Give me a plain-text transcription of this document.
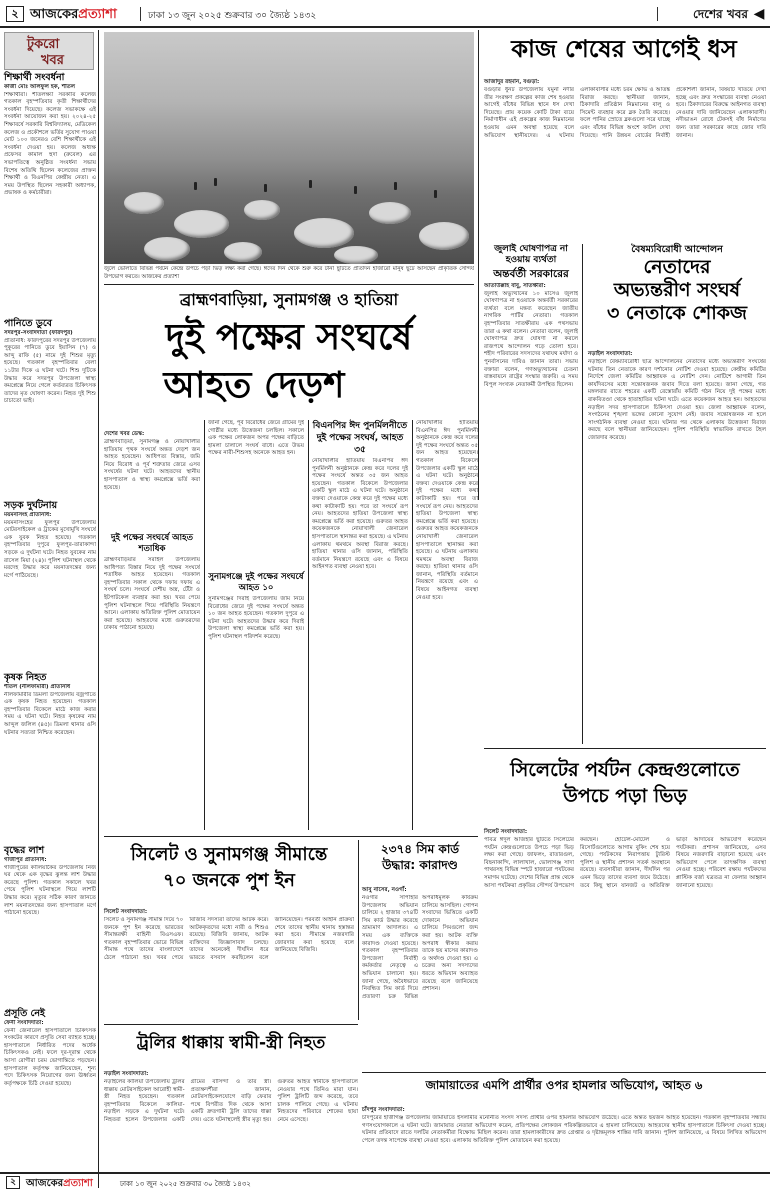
২ আজকেরপ্রত্যাশা	ঢাকা ১৩ জুন ২০২৫ শুক্রবার ৩০ জ্যৈষ্ঠ ১৪৩২	দেশের খবর ◀
টুকরো
খবর
শিক্ষার্থী সংবর্ধনা
কাজী মোঃ অলিফুল হক, শীতল
শিক্ষার্থীরা। শীতলক্ষ্যা সরকারি কলেজ গতকাল বৃহস্পতিবার কৃতী শিক্ষার্থীদের সংবর্ধনা দিয়েছে। কলেজ সভাকক্ষে এই সংবর্ধনা আয়োজন করা হয়। ২০২৪-২৫ শিক্ষাবর্ষে সরকারি বিশ্ববিদ্যালয়, মেডিকেল কলেজ ও প্রকৌশলে ভর্তির সুযোগ পাওয়া মোট ১০০ জনেরও বেশি শিক্ষার্থীকে এই সংবর্ধনা দেওয়া হয়। কলেজ অধ্যক্ষ প্রফেসর কামাল হুদা (রুবেল) এর সভাপতিত্বে অনুষ্ঠিত সংবর্ধনা সভায় বিশেষ অতিথি ছিলেন কলেজের প্রাক্তন শিক্ষার্থী ও বিএনপির কেন্দ্রীয় নেতা। এ সময় উপস্থিত ছিলেন সহকারী অধ্যাপক, প্রভাষক ও কর্মচারীরা।
পানিতে ডুবে
সদরপুর-সংবাদদাতা (ফরিদপুর)
প্রতিনিধি: ফরিদপুরের সদরপুর উপজেলায় পুকুরের পানিতে ডুবে ইয়াসিন (৭) ও আব্দু রাফি (৫) নামে দুই শিশুর মৃত্যু হয়েছে। গতকাল বৃহস্পতিবার বেলা ১১টার দিকে এ ঘটনা ঘটে। শিশু দুটিকে উদ্ধার করে সদরপুর উপজেলা স্বাস্থ্য কমপ্লেক্সে নিয়ে গেলে কর্তব্যরত চিকিৎসক তাদের মৃত ঘোষণা করেন। নিহত দুই শিশু চাচাতো ভাই।
সড়ক দুর্ঘটনায়
ময়মনসিংহ প্রতিনিধি:
ময়মনসিংহের ফুলপুর উপজেলায় মোটরসাইকেল ও ট্রাকের মুখোমুখি সংঘর্ষে এক যুবক নিহত হয়েছে। গতকাল বৃহস্পতিবার দুপুরে ফুলপুর-তারাকান্দা সড়কে এ দুর্ঘটনা ঘটে। নিহত যুবকের নাম রাসেল মিয়া (২৪)। পুলিশ ঘটনাস্থল থেকে মরদেহ উদ্ধার করে ময়নাতদন্তের জন্য মর্গে পাঠিয়েছে।
কৃষক নিহত
শীতল (নীলফামারী) প্রতিনিধি
নীলফামারীর ডিমলা উপজেলায় বজ্রপাতে এক কৃষক নিহত হয়েছেন। গতকাল বৃহস্পতিবার বিকেলে মাঠে কাজ করার সময় এ ঘটনা ঘটে। নিহত কৃষকের নাম আব্দুল জলিল (৪৫)। ডিমলা থানার ওসি ঘটনার সত্যতা নিশ্চিত করেছেন।
বৃদ্ধের লাশ
গাজীপুর প্রতিনিধি:
গাজীপুরের কালিয়াকৈর উপজেলায় নিজ ঘর থেকে এক বৃদ্ধের ঝুলন্ত লাশ উদ্ধার করেছে পুলিশ। গতকাল সকালে খবর পেয়ে পুলিশ ঘটনাস্থলে গিয়ে লাশটি উদ্ধার করে। মৃত্যুর সঠিক কারণ জানতে লাশ ময়নাতদন্তের জন্য হাসপাতাল মর্গে পাঠানো হয়েছে।
প্রসূতি নেই
ফেনী সংবাদদাতা:
ফেনী জেনারেল হাসপাতালে চিকিৎসক সংকটের কারণে প্রসূতি সেবা ব্যাহত হচ্ছে। হাসপাতালে নির্ধারিত পদের অর্ধেক চিকিৎসকও নেই। ফলে দূর-দূরান্ত থেকে আসা রোগীরা চরম ভোগান্তিতে পড়ছেন। হাসপাতাল কর্তৃপক্ষ জানিয়েছেন, শূন্য পদে চিকিৎসক নিয়োগের জন্য ঊর্ধ্বতন কর্তৃপক্ষকে চিঠি দেওয়া হয়েছে।
জুলে ভোলাতে বিভিন্ন পর্যটন কেন্দ্রে উপচে পড়া ভিড় লক্ষ্য করা গেছে। ঈদের দিন থেকে শুরু করে টানা ছুটিতে প্রতিদিন হাজারো মানুষ ছুটে আসছেন প্রাকৃতিক সৌন্দর্য উপভোগ করতে। আজকের প্রত্যাশা
কাজ শেষের আগেই ধস
আজাদুর রহমান, বগুড়া:
বগুড়ার ধুনট উপজেলায় যমুনা নদীর তীর সংরক্ষণ প্রকল্পের কাজ শেষ হওয়ার আগেই বাঁধের বিভিন্ন স্থানে ধস দেখা দিয়েছে। প্রায় কয়েক কোটি টাকা ব্যয়ে নির্মাণাধীন এই প্রকল্পের কাজ নিম্নমানের হওয়ায় এমন অবস্থা হয়েছে বলে অভিযোগ স্থানীয়দের। এ ঘটনায় এলাকাবাসীর মধ্যে চরম ক্ষোভ ও আতঙ্ক বিরাজ করছে। স্থানীয়রা জানান, ঠিকাদারি প্রতিষ্ঠান নিম্নমানের বালু ও সিমেন্ট ব্যবহার করে ব্লক তৈরি করেছে। ফলে পানির স্রোতে ব্লকগুলো সরে যাচ্ছে এবং বাঁধের বিভিন্ন অংশে ফাটল দেখা দিয়েছে। পানি উন্নয়ন বোর্ডের নির্বাহী প্রকৌশলী জানান, বিষয়টি খতিয়ে দেখা হচ্ছে এবং দ্রুত সংস্কারের ব্যবস্থা নেওয়া হবে। ঠিকাদারের বিরুদ্ধে আইনগত ব্যবস্থা নেওয়ার দাবি জানিয়েছেন এলাকাবাসী। নদীভাঙন রোধে টেকসই বাঁধ নির্মাণের জন্য তারা সরকারের কাছে জোর দাবি জানান।
জুলাই ঘোষণাপত্র না হওয়ায় ব্যর্থতা
অন্তর্বর্তী সরকারের
আতাউল্লাহ বাবু, সাতক্ষীরা:
জুলাই অভ্যুত্থানের ১০ মাসেও জুলাই ঘোষণাপত্র না হওয়াকে অন্তর্বর্তী সরকারের ব্যর্থতা বলে মন্তব্য করেছেন জাতীয় নাগরিক পার্টির নেতারা। গতকাল বৃহস্পতিবার সাতক্ষীরায় এক পথসভায় তারা এ কথা বলেন। নেতারা বলেন, জুলাই ঘোষণাপত্র দ্রুত ঘোষণা না করলে রাজপথে আন্দোলন গড়ে তোলা হবে। শহীদ পরিবারের সদস্যদের যথাযথ মর্যাদা ও পুনর্বাসনের দাবিও জানান তারা। সভায় বক্তারা বলেন, গণঅভ্যুত্থানের চেতনা বাস্তবায়নে রাষ্ট্রের সংস্কার জরুরি। এ সময় বিপুল সংখ্যক নেতাকর্মী উপস্থিত ছিলেন।
বৈষম্যবিরোধী আন্দোলন
নেতাদের
অভ্যন্তরীণ সংঘর্ষ
৩ নেতাকে শোকজ
নড়াইল সংবাদদাতা:
নড়াইলে বৈষম্যবিরোধী ছাত্র আন্দোলনের নেতাদের মধ্যে অভ্যন্তরীণ সংঘর্ষের ঘটনায় তিন নেতাকে কারণ দর্শানোর নোটিশ দেওয়া হয়েছে। কেন্দ্রীয় কমিটির নির্দেশে জেলা কমিটির আহ্বায়ক এ নোটিশ দেন। নোটিশে আগামী তিন কার্যদিবসের মধ্যে সন্তোষজনক জবাব দিতে বলা হয়েছে। জানা গেছে, গত মঙ্গলবার রাতে শহরের একটি রেস্তোরাঁয় কমিটি গঠন নিয়ে দুই পক্ষের মধ্যে বাকবিতণ্ডা থেকে হাতাহাতির ঘটনা ঘটে। এতে কয়েকজন আহত হন। আহতদের নড়াইল সদর হাসপাতালে চিকিৎসা দেওয়া হয়। জেলা আহ্বায়ক বলেন, সংগঠনের শৃঙ্খলা ভঙ্গের কোনো সুযোগ নেই। জবাব সন্তোষজনক না হলে সাংগঠনিক ব্যবস্থা নেওয়া হবে। ঘটনার পর থেকে এলাকায় উত্তেজনা বিরাজ করছে বলে স্থানীয়রা জানিয়েছেন। পুলিশ পরিস্থিতি স্বাভাবিক রাখতে টহল জোরদার করেছে।
ব্রাহ্মণবাড়িয়া, সুনামগঞ্জ ও হাতিয়া
দুই পক্ষের সংঘর্ষে
আহত দেড়শ
দেশের খবর ডেস্ক:
ব্রাহ্মণবাড়িয়া, সুনামগঞ্জ ও নোয়াখালীর হাতিয়ায় পৃথক সংঘর্ষে অন্তত দেড়শ জন আহত হয়েছেন। আধিপত্য বিস্তার, জমি নিয়ে বিরোধ ও পূর্ব শত্রুতার জেরে এসব সংঘর্ষের ঘটনা ঘটে। আহতদের স্থানীয় হাসপাতাল ও স্বাস্থ্য কমপ্লেক্সে ভর্তি করা হয়েছে।
দুই পক্ষের সংঘর্ষে আহত শতাধিক
ব্রাহ্মণবাড়িয়ার সরাইল উপজেলায় আধিপত্য বিস্তার নিয়ে দুই পক্ষের সংঘর্ষে শতাধিক আহত হয়েছেন। গতকাল বৃহস্পতিবার সকাল থেকে দফায় দফায় এ সংঘর্ষ চলে। সংঘর্ষে দেশীয় অস্ত্র, টেঁটা ও ইটপাটকেল ব্যবহার করা হয়। খবর পেয়ে পুলিশ ঘটনাস্থলে গিয়ে পরিস্থিতি নিয়ন্ত্রণে আনে। এলাকায় অতিরিক্ত পুলিশ মোতায়েন করা হয়েছে। আহতদের মধ্যে গুরুতরদের ঢাকায় পাঠানো হয়েছে।
জানা গেছে, পূর্ব বিরোধের জেরে গ্রামের দুই গোষ্ঠীর মধ্যে উত্তেজনা চলছিল। সকালে এক পক্ষের লোকজন অপর পক্ষের বাড়িতে হামলা চালালে সংঘর্ষ বাধে। এতে উভয় পক্ষের নারী-শিশুসহ অনেকে আহত হন।
সুনামগঞ্জে দুই পক্ষের সংঘর্ষে আহত ১০
সুনামগঞ্জের দিরাই উপজেলায় জমি নিয়ে বিরোধের জেরে দুই পক্ষের সংঘর্ষে অন্তত ১০ জন আহত হয়েছেন। গতকাল দুপুরে এ ঘটনা ঘটে। আহতদের উদ্ধার করে দিরাই উপজেলা স্বাস্থ্য কমপ্লেক্সে ভর্তি করা হয়। পুলিশ ঘটনাস্থল পরিদর্শন করেছে।
বিএনপির ঈদ পুনর্মিলনীতে দুই পক্ষের সংঘর্ষ, আহত ৩৫
নোয়াখালীর হাতিয়ায় বিএনপির ঈদ পুনর্মিলনী অনুষ্ঠানকে কেন্দ্র করে দলের দুই পক্ষের সংঘর্ষে অন্তত ৩৫ জন আহত হয়েছেন। গতকাল বিকেলে উপজেলার একটি স্কুল মাঠে এ ঘটনা ঘটে। অনুষ্ঠানে বক্তব্য দেওয়াকে কেন্দ্র করে দুই পক্ষের মধ্যে কথা কাটাকাটি হয়। পরে তা সংঘর্ষে রূপ নেয়। আহতদের হাতিয়া উপজেলা স্বাস্থ্য কমপ্লেক্সে ভর্তি করা হয়েছে। গুরুতর আহত কয়েকজনকে নোয়াখালী জেনারেল হাসপাতালে স্থানান্তর করা হয়েছে। এ ঘটনায় এলাকায় থমথমে অবস্থা বিরাজ করছে। হাতিয়া থানার ওসি জানান, পরিস্থিতি বর্তমানে নিয়ন্ত্রণে রয়েছে এবং এ বিষয়ে আইনগত ব্যবস্থা নেওয়া হবে।
নোয়াখালীর হাতিয়ায় বিএনপির ঈদ পুনর্মিলনী অনুষ্ঠানকে কেন্দ্র করে দলের দুই পক্ষের সংঘর্ষে অন্তত ৩৫ জন আহত হয়েছেন। গতকাল বিকেলে উপজেলার একটি স্কুল মাঠে এ ঘটনা ঘটে। অনুষ্ঠানে বক্তব্য দেওয়াকে কেন্দ্র করে দুই পক্ষের মধ্যে কথা কাটাকাটি হয়। পরে তা সংঘর্ষে রূপ নেয়। আহতদের হাতিয়া উপজেলা স্বাস্থ্য কমপ্লেক্সে ভর্তি করা হয়েছে। গুরুতর আহত কয়েকজনকে নোয়াখালী জেনারেল হাসপাতালে স্থানান্তর করা হয়েছে। এ ঘটনায় এলাকায় থমথমে অবস্থা বিরাজ করছে। হাতিয়া থানার ওসি জানান, পরিস্থিতি বর্তমানে নিয়ন্ত্রণে রয়েছে এবং এ বিষয়ে আইনগত ব্যবস্থা নেওয়া হবে।
সিলেটের পর্যটন কেন্দ্রগুলোতে
উপচে পড়া ভিড়
সিলেট সংবাদদাতা:
পবিত্র ঈদুল আজহার ছুটিতে সিলেটের পর্যটন কেন্দ্রগুলোতে উপচে পড়া ভিড় লক্ষ্য করা গেছে। জাফলং, রাতারগুল, বিছনাকান্দি, লালাখাল, ভোলাগঞ্জ সাদা পাথরসহ বিভিন্ন স্পটে হাজারো পর্যটকের সমাগম ঘটেছে। দেশের বিভিন্ন প্রান্ত থেকে আসা পর্যটকরা প্রকৃতির সৌন্দর্য উপভোগ করছেন। হোটেল-মোটেল ও রিসোর্টগুলোতে আগাম বুকিং শেষ হয়ে গেছে। পর্যটকদের নিরাপত্তায় ট্যুরিস্ট পুলিশ ও স্থানীয় প্রশাসন সতর্ক অবস্থানে রয়েছে। ব্যবসায়ীরা জানান, দীর্ঘদিন পর এমন ভিড়ে তাদের ব্যবসা জমে উঠেছে। তবে কিছু স্থানে যানজট ও অতিরিক্ত ভাড়া আদায়ের অভিযোগ করেছেন পর্যটকরা। প্রশাসন জানিয়েছে, এসব বিষয়ে নজরদারি বাড়ানো হয়েছে এবং অভিযোগ পেলে তাৎক্ষণিক ব্যবস্থা নেওয়া হচ্ছে। পরিবেশ রক্ষায় পর্যটকদের প্লাস্টিক বর্জ্য যত্রতত্র না ফেলার আহ্বান জানানো হয়েছে।
সিলেট ও সুনামগঞ্জ সীমান্তে
৭০ জনকে পুশ ইন
সিলেট সংবাদদাতা:
সিলেট ও সুনামগঞ্জ সীমান্ত দিয়ে ৭০ জনকে পুশ ইন করেছে ভারতের সীমান্তরক্ষী বাহিনী বিএসএফ। গতকাল বৃহস্পতিবার ভোরে বিভিন্ন সীমান্ত পথে তাদের বাংলাদেশে ঠেলে পাঠানো হয়। খবর পেয়ে বিজিবি সদস্যরা তাদের আটক করে। আটককৃতদের মধ্যে নারী ও শিশুও রয়েছে। বিজিবি জানায়, আটক ব্যক্তিদের জিজ্ঞাসাবাদ চলছে। তাদের অনেকেই দীর্ঘদিন ধরে ভারতে বসবাস করছিলেন বলে জানিয়েছেন। পরবর্তী আইনি প্রক্রিয়া শেষে তাদের স্থানীয় থানায় হস্তান্তর করা হবে। সীমান্তে নজরদারি জোরদার করা হয়েছে বলে জানিয়েছে বিজিবি।
২৩৭৪ সিম কার্ড
উদ্ধার: কারাদণ্ড
আবু নাসের, নওগাঁ:
নওগাঁর সাপাহার উপজেলায় অভিযান চালিয়ে ২ হাজার ৩৭৪টি সিম কার্ড উদ্ধার করেছে ভ্রাম্যমাণ আদালত। এ সময় এক ব্যক্তিকে কারাদণ্ড দেওয়া হয়েছে। গতকাল বৃহস্পতিবার উপজেলা নির্বাহী কর্মকর্তার নেতৃত্বে এ অভিযান চালানো হয়। জানা গেছে, অবৈধভাবে নিবন্ধিত সিম কার্ড দিয়ে প্রতারণা চক্র বিভিন্ন অপরাধমূলক কার্যক্রম চালিয়ে আসছিল। গোপন সংবাদের ভিত্তিতে একটি দোকানে অভিযান চালিয়ে সিমগুলো জব্দ করা হয়। আটক ব্যক্তি অপরাধ স্বীকার করায় তাকে ছয় মাসের কারাদণ্ড ও অর্থদণ্ড দেওয়া হয়। এ চক্রের অন্য সদস্যদের ধরতে অভিযান অব্যাহত রয়েছে বলে জানিয়েছে প্রশাসন।
ট্রলির ধাক্কায় স্বামী-স্ত্রী নিহত
নড়াইল সংবাদদাতা:
নড়াইলের কালিয়া উপজেলায় ট্রলির ধাক্কায় মোটরসাইকেল আরোহী স্বামী-স্ত্রী নিহত হয়েছেন। গতকাল বৃহস্পতিবার বিকেলে কালিয়া-নড়াইল সড়কে এ দুর্ঘটনা ঘটে। নিহতরা হলেন উপজেলার একটি গ্রামের বাসিন্দা ও তার স্ত্রী। প্রত্যক্ষদর্শীরা জানান, মোটরসাইকেলযোগে বাড়ি ফেরার পথে বিপরীত দিক থেকে আসা একটি দ্রুতগামী ট্রলি তাদের ধাক্কা দেয়। এতে ঘটনাস্থলেই স্ত্রীর মৃত্যু হয়। গুরুতর আহত স্বামীকে হাসপাতালে নেওয়ার পথে তিনিও মারা যান। পুলিশ ট্রলিটি জব্দ করেছে, তবে চালক পালিয়ে গেছে। এ ঘটনায় নিহতদের পরিবারে শোকের ছায়া নেমে এসেছে।
জামায়াতের এমপি প্রার্থীর ওপর হামলার অভিযোগ, আহত ৬
চাঁদপুর সংবাদদাতা:
চাঁদপুরের হাজীগঞ্জ উপজেলায় জামায়াতে ইসলামীর মনোনীত সংসদ সদস্য প্রার্থীর ওপর হামলার অভিযোগ উঠেছে। এতে অন্তত ছয়জন আহত হয়েছেন। গতকাল বৃহস্পতিবার সন্ধ্যায় গণসংযোগকালে এ ঘটনা ঘটে। জামায়াত নেতারা অভিযোগ করেন, প্রতিপক্ষের লোকজন পরিকল্পিতভাবে এ হামলা চালিয়েছে। আহতদের স্থানীয় হাসপাতালে চিকিৎসা দেওয়া হচ্ছে। ঘটনার প্রতিবাদে রাতে দলটির নেতাকর্মীরা বিক্ষোভ মিছিল করেন। তারা হামলাকারীদের দ্রুত গ্রেপ্তার ও দৃষ্টান্তমূলক শাস্তির দাবি জানান। পুলিশ জানিয়েছে, এ বিষয়ে লিখিত অভিযোগ পেলে তদন্ত সাপেক্ষে ব্যবস্থা নেওয়া হবে। এলাকায় অতিরিক্ত পুলিশ মোতায়েন করা হয়েছে।
২	আজকেরপ্রত্যাশা	ঢাকা ১৩ জুন ২০২৫ শুক্রবার ৩০ জ্যৈষ্ঠ ১৪৩২
